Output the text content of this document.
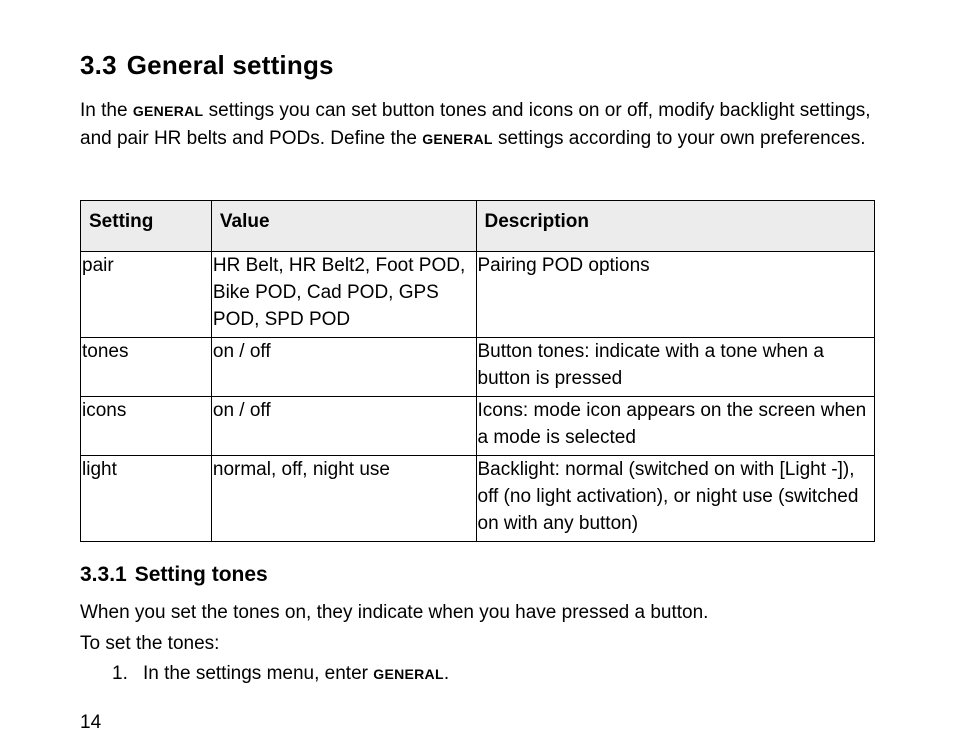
3.3 General settings

In the GENERAL settings you can set button tones and icons on or off, modify backlight settings, and pair HR belts and PODs. Define the GENERAL settings according to your own preferences.

Setting	Value	Description
pair	HR Belt, HR Belt2, Foot POD, Bike POD, Cad POD, GPS POD, SPD POD	Pairing POD options
tones	on / off	Button tones: indicate with a tone when a button is pressed
icons	on / off	Icons: mode icon appears on the screen when a mode is selected
light	normal, off, night use	Backlight: normal (switched on with [Light -]), off (no light activation), or night use (switched on with any button)
3.3.1 Setting tones

When you set the tones on, they indicate when you have pressed a button.

To set the tones:

1. In the settings menu, enter GENERAL.
14
